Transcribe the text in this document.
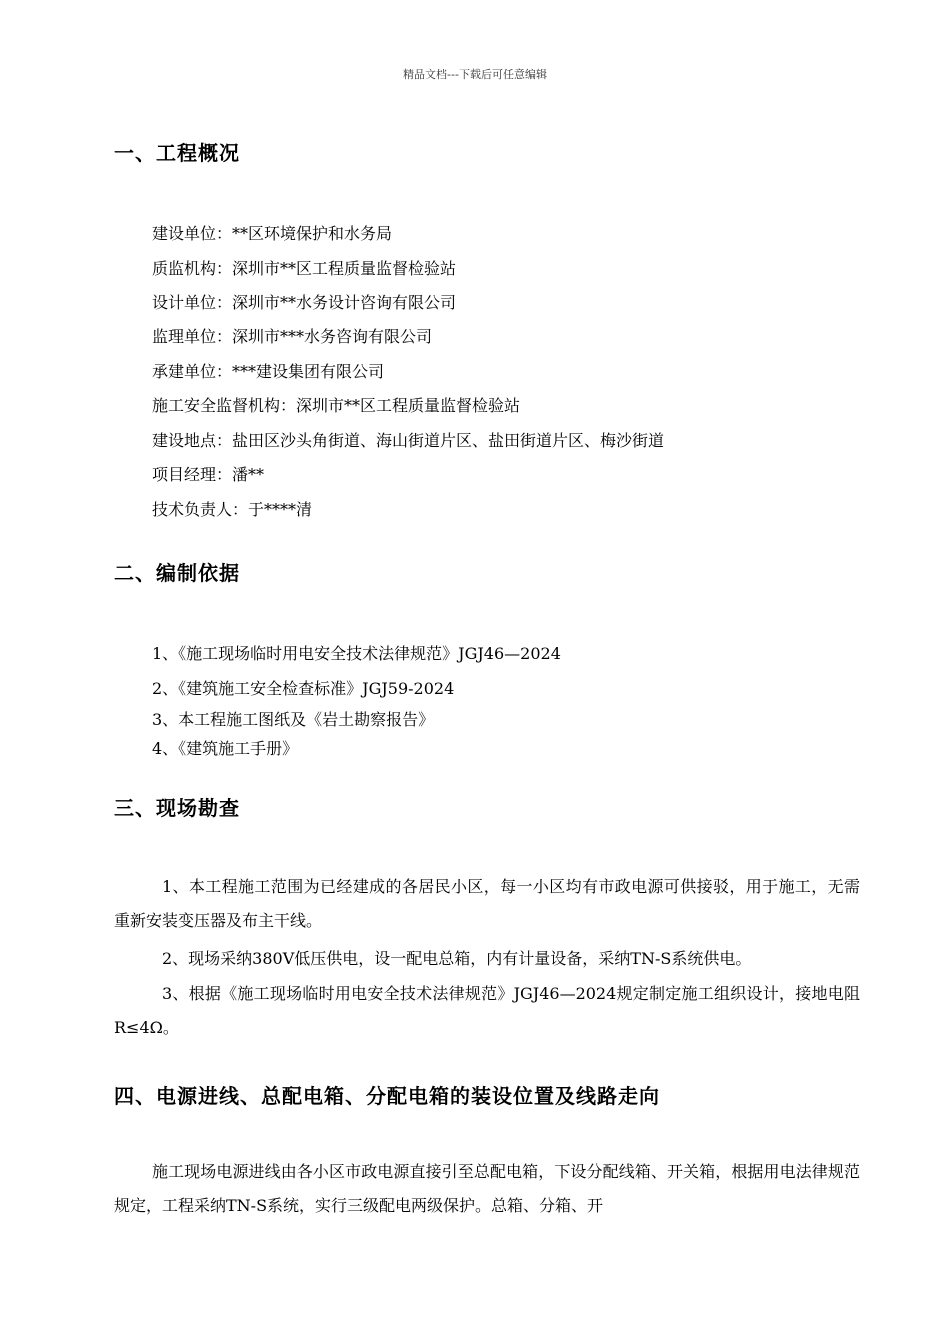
精品文档---下载后可任意编辑
一、工程概况
建设单位：**区环境保护和水务局
质监机构：深圳市**区工程质量监督检验站
设计单位：深圳市**水务设计咨询有限公司
监理单位：深圳市***水务咨询有限公司
承建单位：***建设集团有限公司
施工安全监督机构：深圳市**区工程质量监督检验站
建设地点：盐田区沙头角街道、海山街道片区、盐田街道片区、梅沙街道
项目经理：潘**
技术负责人：于****清
二、编制依据
1、《施工现场临时用电安全技术法律规范》JGJ46—2024
2、《建筑施工安全检查标准》JGJ59-2024
3、本工程施工图纸及《岩土勘察报告》
4、《建筑施工手册》
三、现场勘查
1、本工程施工范围为已经建成的各居民小区，每一小区均有市政电源可供接驳，用于施工，无需重新安装变压器及布主干线。
2、现场采纳380V低压供电，设一配电总箱，内有计量设备，采纳TN-S系统供电。
3、根据《施工现场临时用电安全技术法律规范》JGJ46—2024规定制定施工组织设计，接地电阻R≤4Ω。
四、电源进线、总配电箱、分配电箱的装设位置及线路走向
施工现场电源进线由各小区市政电源直接引至总配电箱，下设分配线箱、开关箱，根据用电法律规范规定，工程采纳TN-S系统，实行三级配电两级保护。总箱、分箱、开
